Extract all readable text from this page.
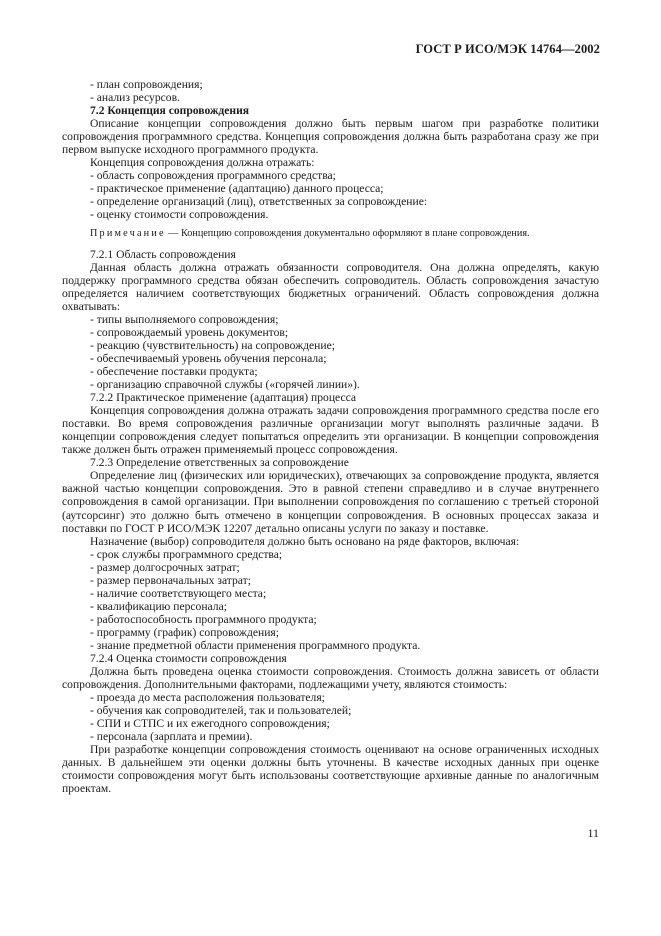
ГОСТ Р ИСО/МЭК 14764—2002
- план сопровождения;
- анализ ресурсов.
7.2 Концепция сопровождения
Описание концепции сопровождения должно быть первым шагом при разработке политики сопровождения программного средства. Концепция сопровождения должна быть разработана сразу же при первом выпуске исходного программного продукта.
Концепция сопровождения должна отражать:
- область сопровождения программного средства;
- практическое применение (адаптацию) данного процесса;
- определение организаций (лиц), ответственных за сопровождение:
- оценку стоимости сопровождения.
Примечание — Концепцию сопровождения документально оформляют в плане сопровождения.
7.2.1 Область сопровождения
Данная область должна отражать обязанности сопроводителя. Она должна определять, какую поддержку программного средства обязан обеспечить сопроводитель. Область сопровождения зачастую определяется наличием соответствующих бюджетных ограничений. Область сопровождения должна охватывать:
- типы выполняемого сопровождения;
- сопровождаемый уровень документов;
- реакцию (чувствительность) на сопровождение;
- обеспечиваемый уровень обучения персонала;
- обеспечение поставки продукта;
- организацию справочной службы («горячей линии»).
7.2.2 Практическое применение (адаптация) процесса
Концепция сопровождения должна отражать задачи сопровождения программного средства после его поставки. Во время сопровождения различные организации могут выполнять различные задачи. В концепции сопровождения следует попытаться определить эти организации. В концепции сопровождения также должен быть отражен применяемый процесс сопровождения.
7.2.3 Определение ответственных за сопровождение
Определение лиц (физических или юридических), отвечающих за сопровождение продукта, является важной частью концепции сопровождения. Это в равной степени справедливо и в случае внутреннего сопровождения в самой организации. При выполнении сопровождения по соглашению с третьей стороной (аутсорсинг) это должно быть отмечено в концепции сопровождения. В основных процессах заказа и поставки по ГОСТ Р ИСО/МЭК 12207 детально описаны услуги по заказу и поставке.
Назначение (выбор) сопроводителя должно быть основано на ряде факторов, включая:
- срок службы программного средства;
- размер долгосрочных затрат;
- размер первоначальных затрат;
- наличие соответствующего места;
- квалификацию персонала;
- работоспособность программного продукта;
- программу (график) сопровождения;
- знание предметной области применения программного продукта.
7.2.4 Оценка стоимости сопровождения
Должна быть проведена оценка стоимости сопровождения. Стоимость должна зависеть от области сопровождения. Дополнительными факторами, подлежащими учету, являются стоимость:
- проезда до места расположения пользователя;
- обучения как сопроводителей, так и пользователей;
- СПИ и СТПС и их ежегодного сопровождения;
- персонала (зарплата и премии).
При разработке концепции сопровождения стоимость оценивают на основе ограниченных исходных данных. В дальнейшем эти оценки должны быть уточнены. В качестве исходных данных при оценке стоимости сопровождения могут быть использованы соответствующие архивные данные по аналогичным проектам.
11
